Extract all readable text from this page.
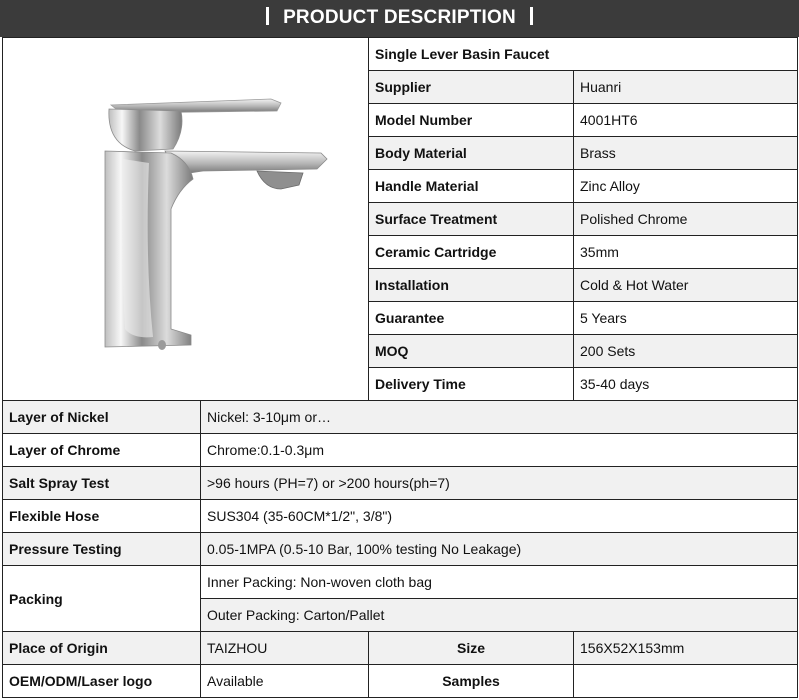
PRODUCT DESCRIPTION
	Single Lever Basin Faucet	
		Supplier	Huanri
		Model Number	4001HT6
		Body Material	Brass
		Handle Material	Zinc Alloy
		Surface Treatment	Polished Chrome
		Ceramic Cartridge	35mm
		Installation	Cold & Hot Water
		Guarantee	5 Years
		MOQ	200 Sets
		Delivery Time	35-40 days
Layer of Nickel	Nickel: 3-10μm or…		
Layer of Chrome	Chrome:0.1-0.3μm		
Salt Spray Test	>96 hours (PH=7) or >200 hours(ph=7)		
Flexible Hose	SUS304 (35-60CM*1/2", 3/8")		
Pressure Testing	0.05-1MPA (0.5-10 Bar, 100% testing No Leakage)		
Packing	Inner Packing: Non-woven cloth bag		
	Outer Packing: Carton/Pallet		
Place of Origin	TAIZHOU	Size	156X52X153mm
OEM/ODM/Laser logo	Available	Samples	
